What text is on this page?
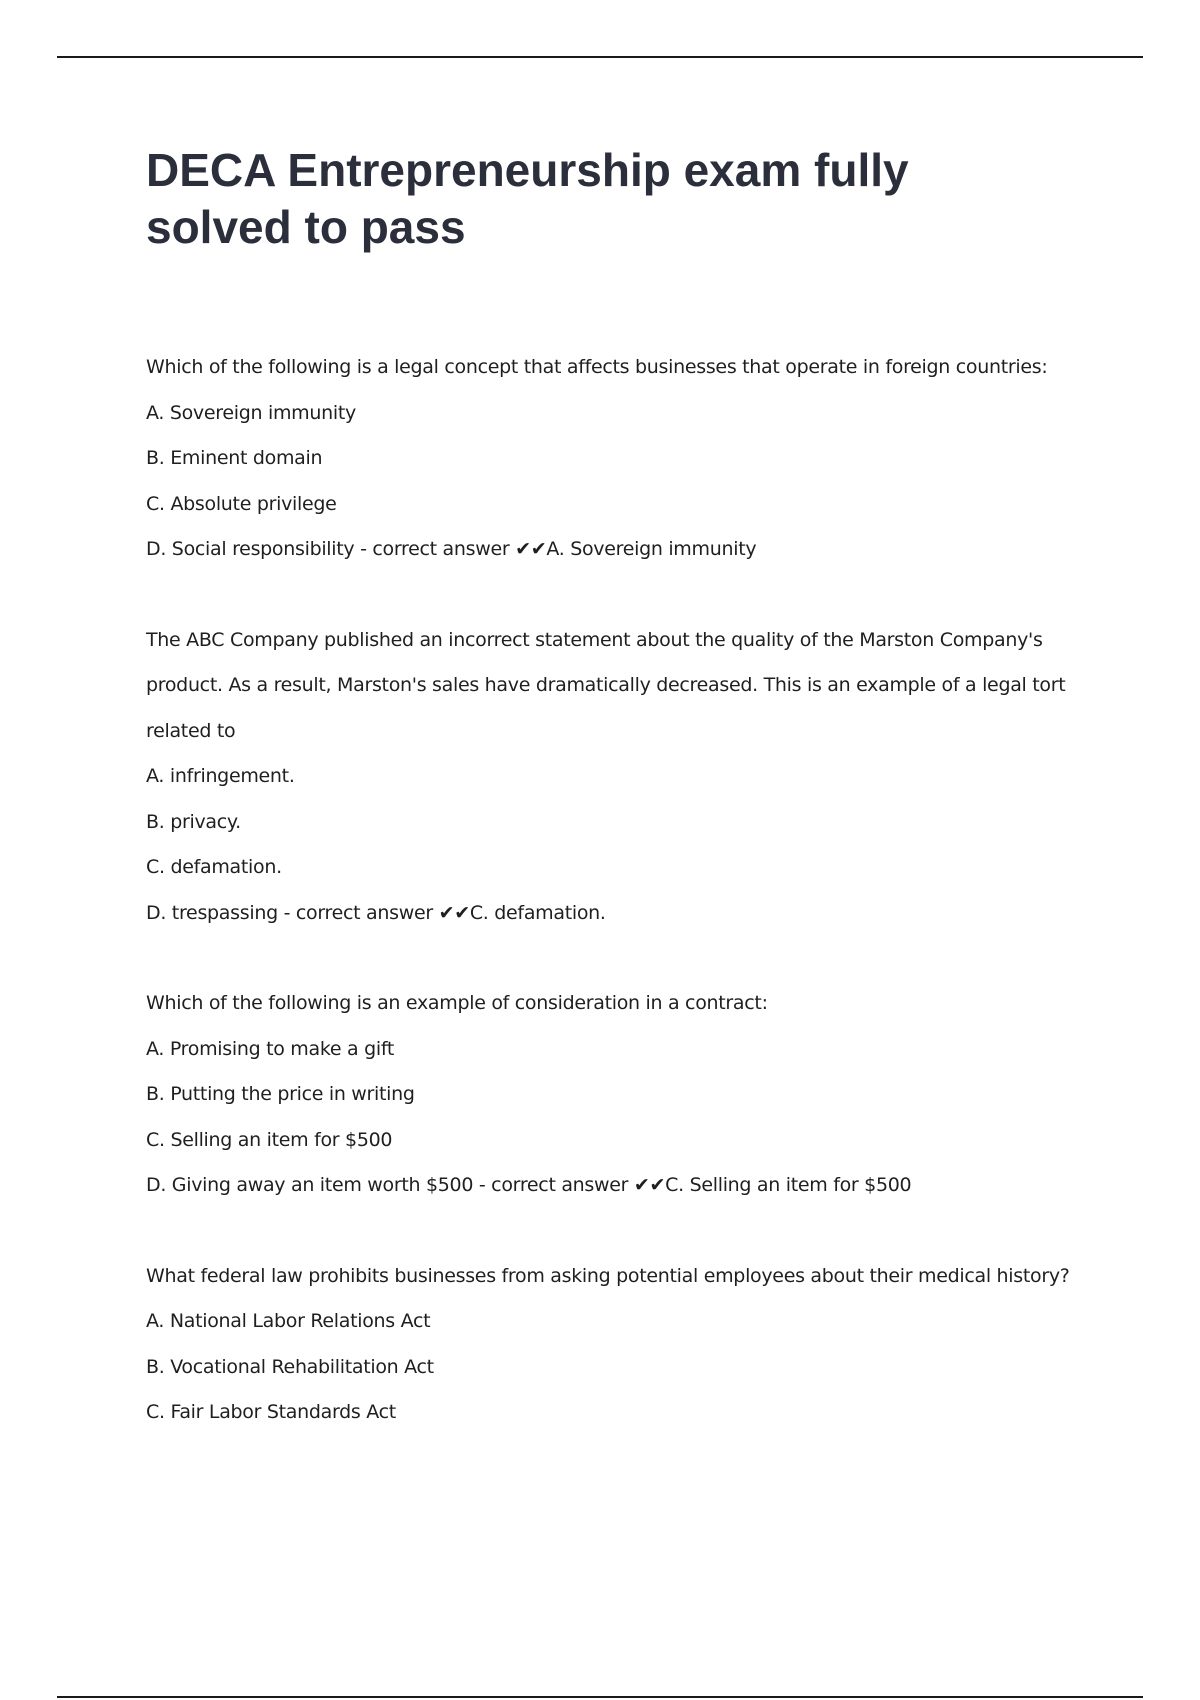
DECA Entrepreneurship exam fully solved to pass
Which of the following is a legal concept that affects businesses that operate in foreign countries:
A. Sovereign immunity
B. Eminent domain
C. Absolute privilege
D. Social responsibility - correct answer ✔✔A. Sovereign immunity
The ABC Company published an incorrect statement about the quality of the Marston Company's
product. As a result, Marston's sales have dramatically decreased. This is an example of a legal tort
related to
A. infringement.
B. privacy.
C. defamation.
D. trespassing - correct answer ✔✔C. defamation.
Which of the following is an example of consideration in a contract:
A. Promising to make a gift
B. Putting the price in writing
C. Selling an item for $500
D. Giving away an item worth $500 - correct answer ✔✔C. Selling an item for $500
What federal law prohibits businesses from asking potential employees about their medical history?
A. National Labor Relations Act
B. Vocational Rehabilitation Act
C. Fair Labor Standards Act
